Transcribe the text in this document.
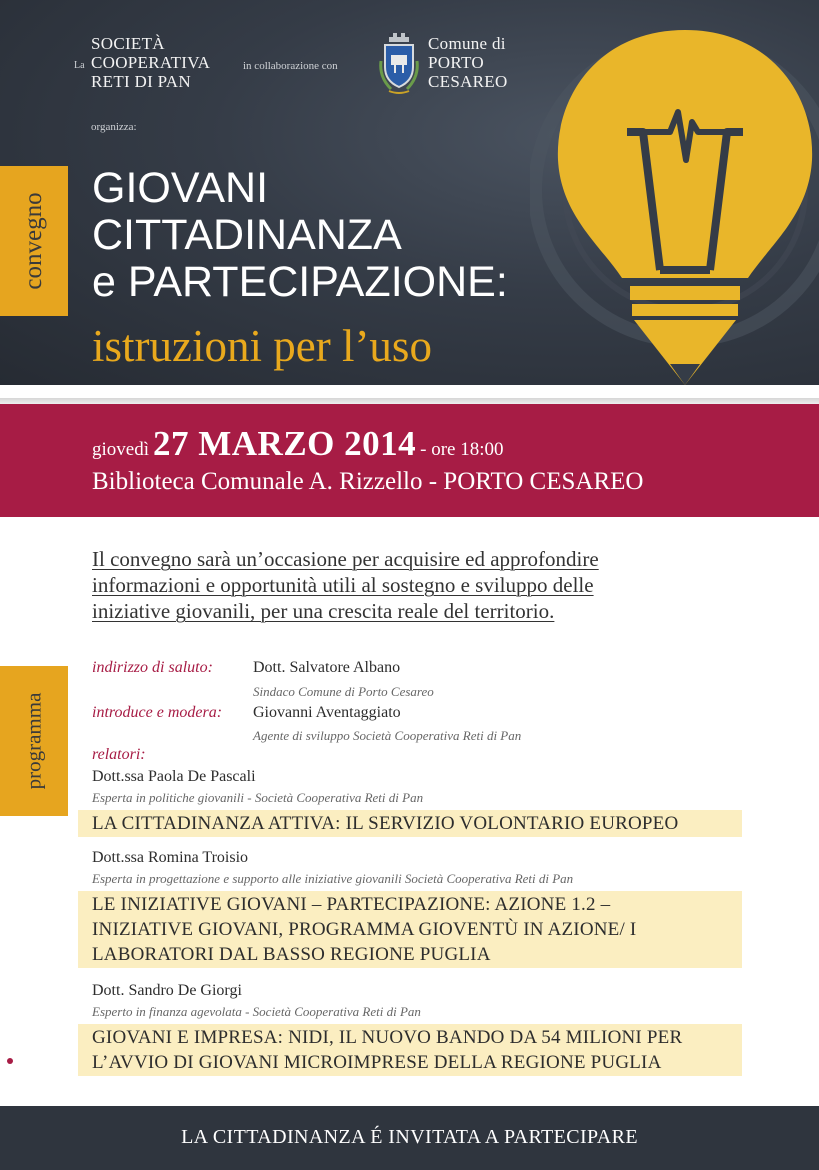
La
SOCIETÀ
COOPERATIVA
RETI DI PAN
in collaborazione con
Comune di
PORTO
CESAREO
organizza:
GIOVANI
CITTADINANZA
e PARTECIPAZIONE:
istruzioni per l’uso
convegno
giovedì 27 MARZO 2014 - ore 18:00
Biblioteca Comunale A. Rizzello - PORTO CESAREO
Il convegno sarà un’occasione per acquisire ed approfondire
informazioni e opportunità utili al sostegno e sviluppo delle
iniziative giovanili, per una crescita reale del territorio.
programma
indirizzo di saluto:	Dott. Salvatore Albano
Sindaco Comune di Porto Cesareo
introduce e modera: Giovanni Aventaggiato
Agente di sviluppo Società Cooperativa Reti di Pan
relatori:
Dott.ssa Paola De Pascali
Esperta in politiche giovanili - Società Cooperativa Reti di Pan
LA CITTADINANZA ATTIVA: IL SERVIZIO VOLONTARIO EUROPEO
Dott.ssa Romina Troisio
Esperta in progettazione e supporto alle iniziative giovanili Società Cooperativa Reti di Pan
LE INIZIATIVE GIOVANI – PARTECIPAZIONE: AZIONE 1.2 –
INIZIATIVE GIOVANI, PROGRAMMA GIOVENTÙ IN AZIONE/ I
LABORATORI DAL BASSO REGIONE PUGLIA
Dott. Sandro De Giorgi
Esperto in finanza agevolata - Società Cooperativa Reti di Pan
GIOVANI E IMPRESA: NIDI, IL NUOVO BANDO DA 54 MILIONI PER
L’AVVIO DI GIOVANI MICROIMPRESE DELLA REGIONE PUGLIA
LA CITTADINANZA É INVITATA A PARTECIPARE
